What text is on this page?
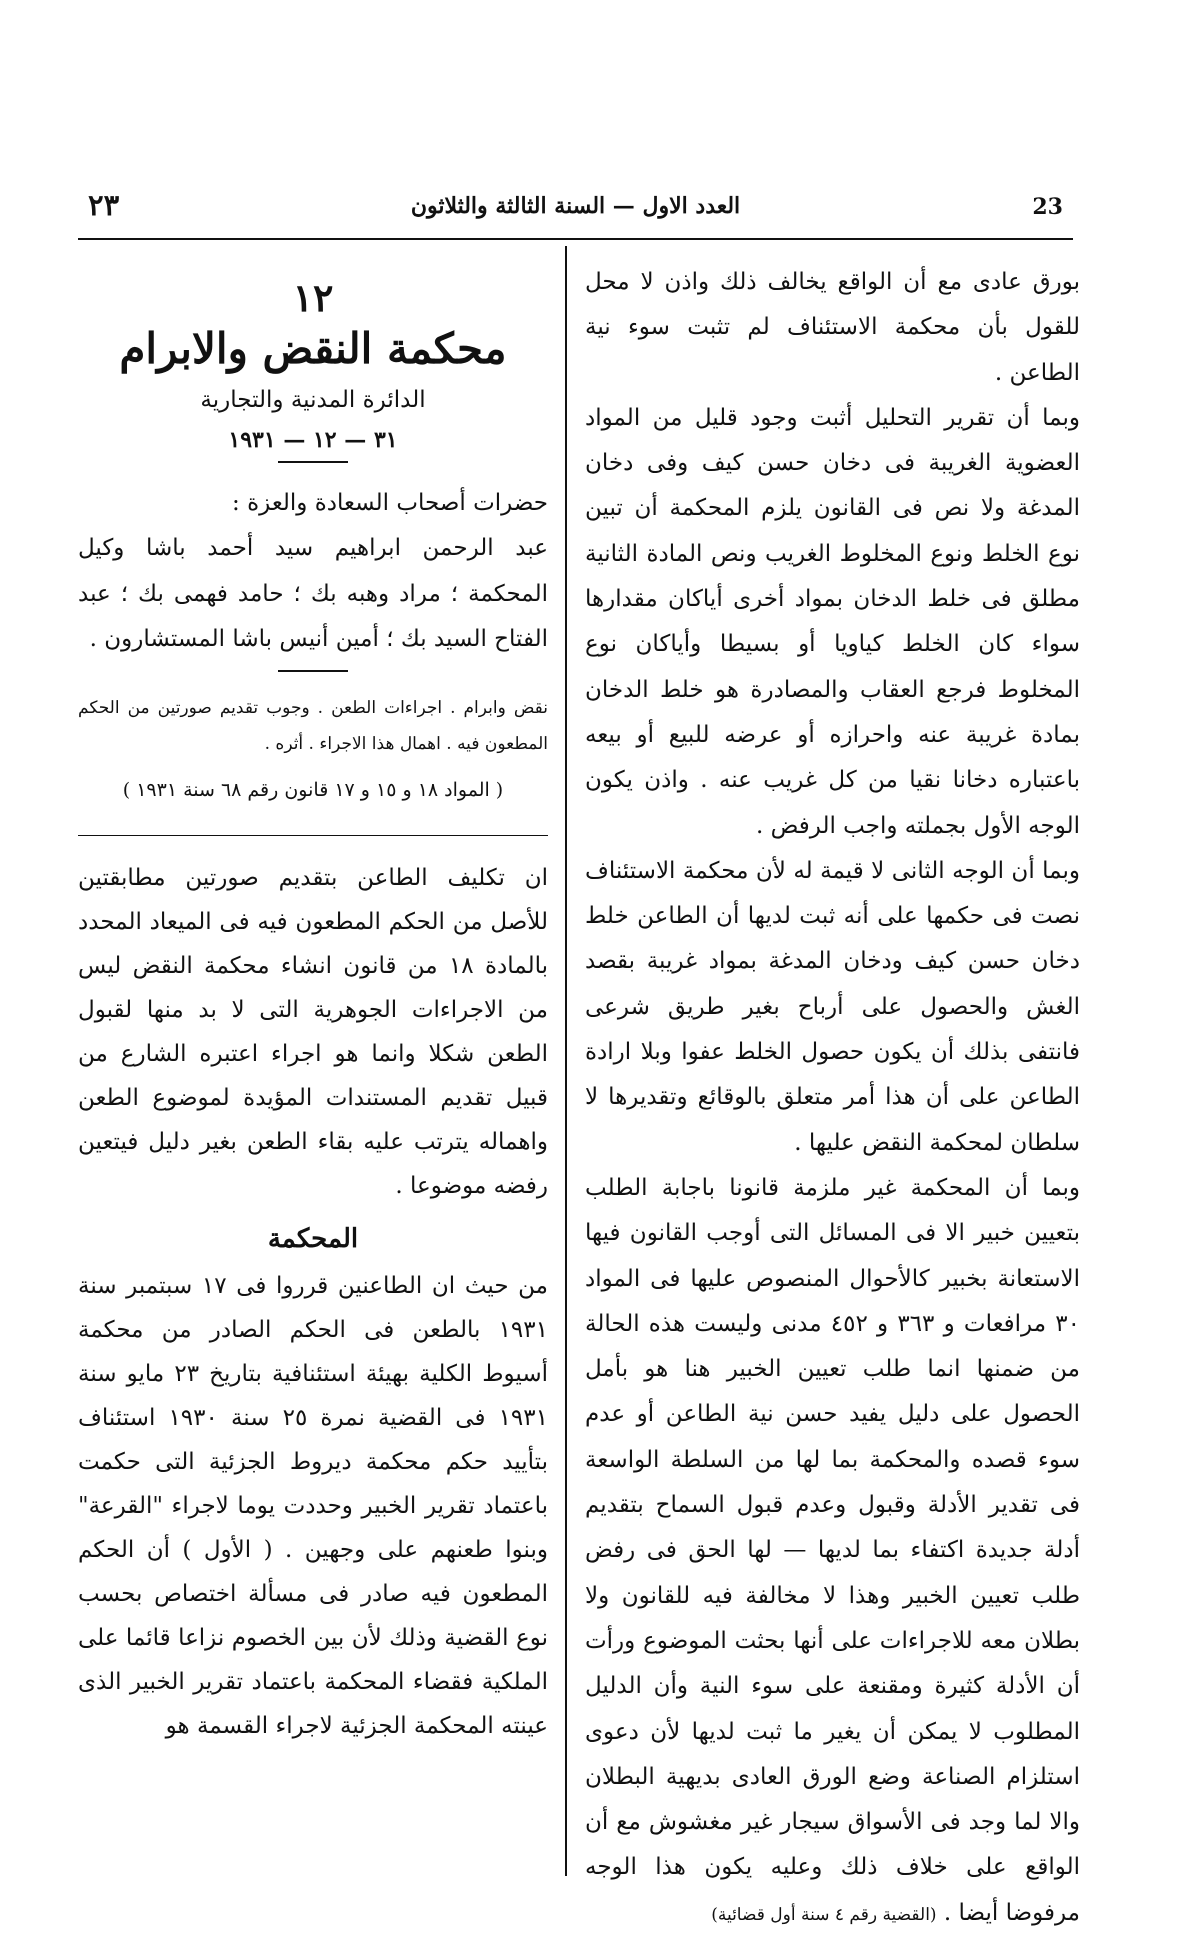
٢٣	العدد الاول — السنة الثالثة والثلاثون	23

بورق عادى مع أن الواقع يخالف ذلك واذن لا محل للقول بأن محكمة الاستئناف لم تثبت سوء نية الطاعن .

وبما أن تقرير التحليل أثبت وجود قليل من المواد العضوية الغريبة فى دخان حسن كيف وفى دخان المدغة ولا نص فى القانون يلزم المحكمة أن تبين نوع الخلط ونوع المخلوط الغريب ونص المادة الثانية مطلق فى خلط الدخان بمواد أخرى أياكان مقدارها سواء كان الخلط كياويا أو بسيطا وأياكان نوع المخلوط فرجع العقاب والمصادرة هو خلط الدخان بمادة غريبة عنه واحرازه أو عرضه للبيع أو بيعه باعتباره دخانا نقيا من كل غريب عنه . واذن يكون الوجه الأول بجملته واجب الرفض .

وبما أن الوجه الثانى لا قيمة له لأن محكمة الاستئناف نصت فى حكمها على أنه ثبت لديها أن الطاعن خلط دخان حسن كيف ودخان المدغة بمواد غريبة بقصد الغش والحصول على أرباح بغير طريق شرعى فانتفى بذلك أن يكون حصول الخلط عفوا وبلا ارادة الطاعن على أن هذا أمر متعلق بالوقائع وتقديرها لا سلطان لمحكمة النقض عليها .

وبما أن المحكمة غير ملزمة قانونا باجابة الطلب بتعيين خبير الا فى المسائل التى أوجب القانون فيها الاستعانة بخبير كالأحوال المنصوص عليها فى المواد ٣٠ مرافعات و ٣٦٣ و ٤٥٢ مدنى وليست هذه الحالة من ضمنها انما طلب تعيين الخبير هنا هو بأمل الحصول على دليل يفيد حسن نية الطاعن أو عدم سوء قصده والمحكمة بما لها من السلطة الواسعة فى تقدير الأدلة وقبول وعدم قبول السماح بتقديم أدلة جديدة اكتفاء بما لديها — لها الحق فى رفض طلب تعيين الخبير وهذا لا مخالفة فيه للقانون ولا بطلان معه للاجراءات على أنها بحثت الموضوع ورأت أن الأدلة كثيرة ومقنعة على سوء النية وأن الدليل المطلوب لا يمكن أن يغير ما ثبت لديها لأن دعوى استلزام الصناعة وضع الورق العادى بديهية البطلان والا لما وجد فى الأسواق سيجار غير مغشوش مع أن الواقع على خلاف ذلك وعليه يكون هذا الوجه مرفوضا أيضا . (القضية رقم ٤ سنة أول قضائية)

١٢
محكمة النقض والابرام
الدائرة المدنية والتجارية
٣١ — ١٢ — ١٩٣١

حضرات أصحاب السعادة والعزة :

عبد الرحمن ابراهيم سيد أحمد باشا وكيل المحكمة ؛ مراد وهبه بك ؛ حامد فهمى بك ؛ عبد الفتاح السيد بك ؛ أمين أنيس باشا المستشارون .

نقض وابرام . اجراءات الطعن . وجوب تقديم صورتين من الحكم المطعون فيه . اهمال هذا الاجراء . أثره .

( المواد ١٨ و ١٥ و ١٧ قانون رقم ٦٨ سنة ١٩٣١ )

ان تكليف الطاعن بتقديم صورتين مطابقتين للأصل من الحكم المطعون فيه فى الميعاد المحدد بالمادة ١٨ من قانون انشاء محكمة النقض ليس من الاجراءات الجوهرية التى لا بد منها لقبول الطعن شكلا وانما هو اجراء اعتبره الشارع من قبيل تقديم المستندات المؤيدة لموضوع الطعن واهماله يترتب عليه بقاء الطعن بغير دليل فيتعين رفضه موضوعا .

المحكمة

من حيث ان الطاعنين قرروا فى ١٧ سبتمبر سنة ١٩٣١ بالطعن فى الحكم الصادر من محكمة أسيوط الكلية بهيئة استئنافية بتاريخ ٢٣ مايو سنة ١٩٣١ فى القضية نمرة ٢٥ سنة ١٩٣٠ استئناف بتأييد حكم محكمة ديروط الجزئية التى حكمت باعتماد تقرير الخبير وحددت يوما لاجراء "القرعة" وبنوا طعنهم على وجهين . ( الأول ) أن الحكم المطعون فيه صادر فى مسألة اختصاص بحسب نوع القضية وذلك لأن بين الخصوم نزاعا قائما على الملكية فقضاء المحكمة باعتماد تقرير الخبير الذى عينته المحكمة الجزئية لاجراء القسمة هو
